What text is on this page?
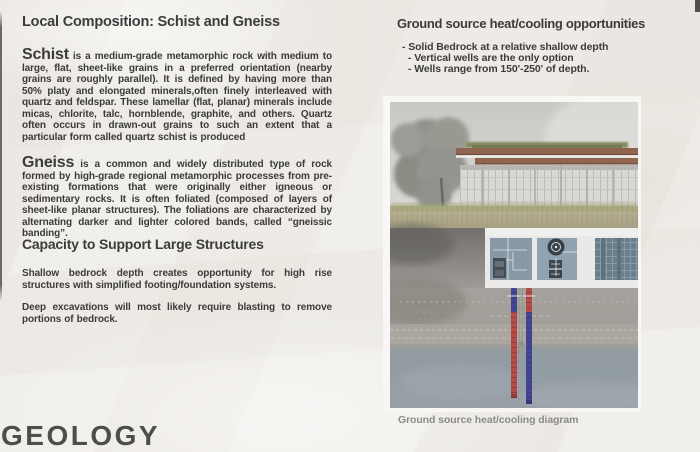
Local Composition: Schist and Gneiss

Schist is a medium-grade metamorphic rock with medium to large, flat, sheet-like grains in a preferred orientation (nearby grains are roughly parallel). It is defined by having more than 50% platy and elongated minerals,often finely interleaved with quartz and feldspar. These lamellar (flat, planar) minerals include micas, chlorite, talc, hornblende, graphite, and others. Quartz often occurs in drawn-out grains to such an extent that a particular form called quartz schist is produced

Gneiss is a common and widely distributed type of rock formed by high-grade regional metamorphic processes from pre-existing formations that were originally either igneous or sedimentary rocks. It is often foliated (composed of layers of sheet-like planar structures). The foliations are characterized by alternating darker and lighter colored bands, called “gneissic banding”.

Capacity to Support Large Structures

Shallow bedrock depth creates opportunity for high rise structures with simplified footing/foundation systems.

Deep excavations will most likely require blasting to remove portions of bedrock.

Ground source heat/cooling opportunities
- Solid Bedrock at a relative shallow depth
- Vertical wells are the only option
- Wells range from 150'-250' of depth.
Ground source heat/cooling diagram
GEOLOGY
